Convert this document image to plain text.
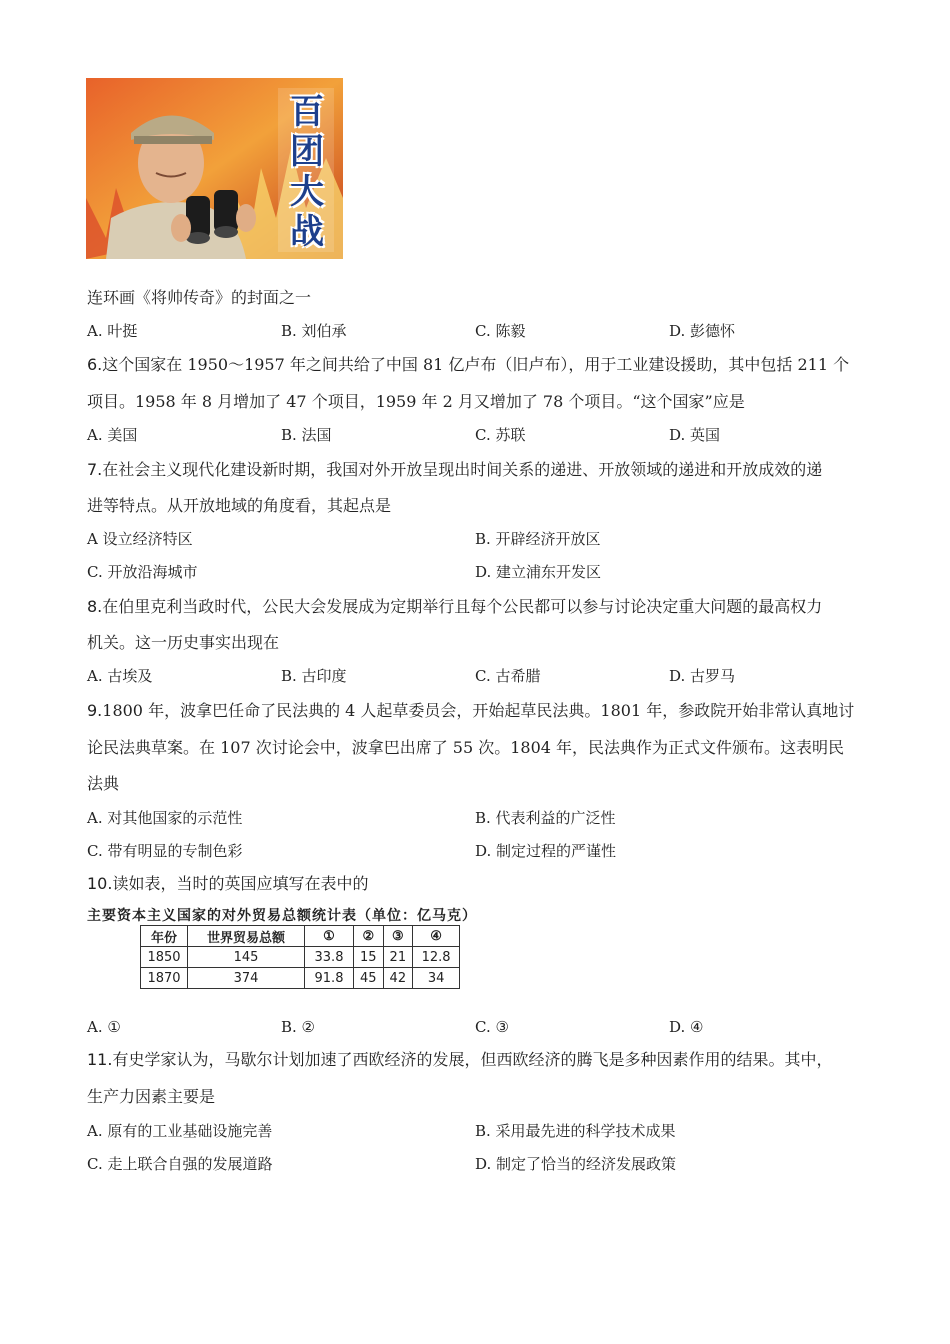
百
团
大
战
连环画《将帅传奇》的封面之一
A. 叶挺	B. 刘伯承	C. 陈毅	D. 彭德怀
6.这个国家在 1950～1957 年之间共给了中国 81 亿卢布（旧卢布），用于工业建设援助，其中包括 211 个
项目。1958 年 8 月增加了 47 个项目，1959 年 2 月又增加了 78 个项目。“这个国家”应是
A. 美国	B. 法国	C. 苏联	D. 英国
7.在社会主义现代化建设新时期，我国对外开放呈现出时间关系的递进、开放领域的递进和开放成效的递
进等特点。从开放地域的角度看，其起点是
A 设立经济特区	B. 开辟经济开放区
C. 开放沿海城市	D. 建立浦东开发区
8.在伯里克利当政时代，公民大会发展成为定期举行且每个公民都可以参与讨论决定重大问题的最高权力
机关。这一历史事实出现在
A. 古埃及	B. 古印度	C. 古希腊	D. 古罗马
9.1800 年，波拿巴任命了民法典的 4 人起草委员会，开始起草民法典。1801 年，参政院开始非常认真地讨
论民法典草案。在 107 次讨论会中，波拿巴出席了 55 次。1804 年，民法典作为正式文件颁布。这表明民
法典
A. 对其他国家的示范性	B. 代表利益的广泛性
C. 带有明显的专制色彩	D. 制定过程的严谨性
10.读如表，当时的英国应填写在表中的
主要资本主义国家的对外贸易总额统计表（单位：亿马克）
年份	世界贸易总额	①	②	③	④
1850	145	33.8	15	21	12.8
1870	374	91.8	45	42	34
A. ①	B. ②	C. ③	D. ④
11.有史学家认为，马歇尔计划加速了西欧经济的发展，但西欧经济的腾飞是多种因素作用的结果。其中，
生产力因素主要是
A. 原有的工业基础设施完善	B. 采用最先进的科学技术成果
C. 走上联合自强的发展道路	D. 制定了恰当的经济发展政策
